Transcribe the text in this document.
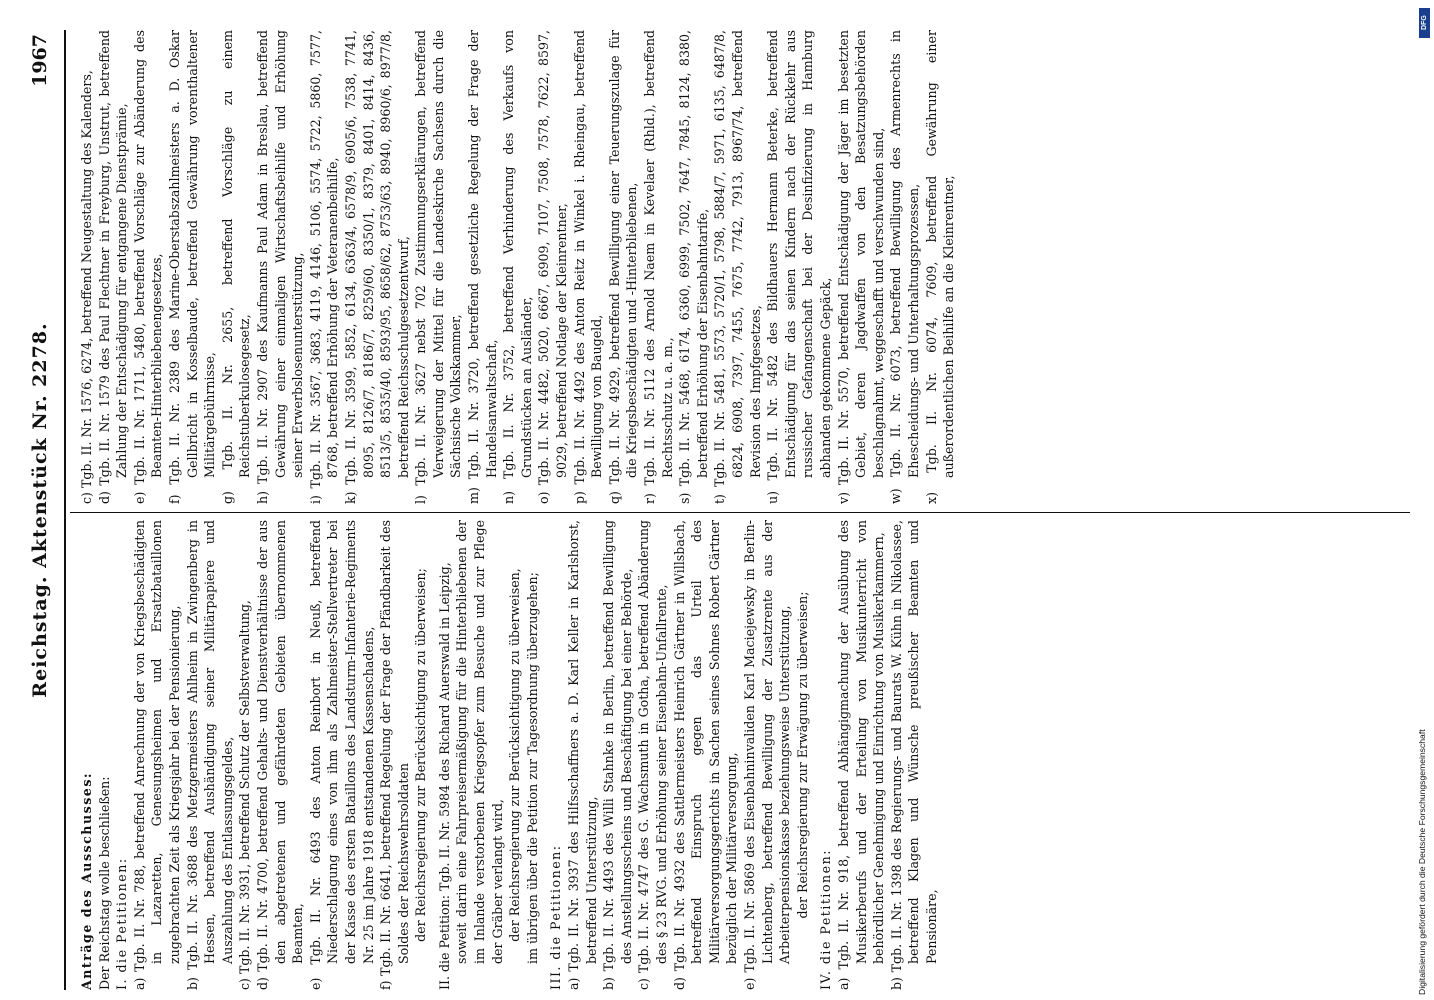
Reichstag. Aktenstück Nr. 2278.
1967

Anträge des Ausschusses: Der Reichstag wolle beschließen: I. die Petitionen: a) Tgb. II. Nr. 788, betreffend Anrechnung der von Kriegsbeschädigten in Lazaretten, Genesungsheimen und Ersatzbataillonen zugebrachten Zeit als Kriegsjahr bei der Pensionierung, b) Tgb. II. Nr. 3688 des Metzgermeisters Ahlheim in Zwingenberg in Hessen, betreffend Aushändigung seiner Militärpapiere und Auszahlung des Entlassungsgeldes, c) Tgb. II. Nr. 3931, betreffend Schutz der Selbstverwaltung, d) Tgb. II. Nr. 4700, betreffend Gehalts- und Dienstverhältnisse der aus den abgetretenen und gefährdeten Gebieten übernommenen Beamten, e) Tgb. II. Nr. 6493 des Anton Reinbort in Neuß, betreffend Niederschlagung eines von ihm als Zahlmeister-Stellvertreter bei der Kasse des ersten Bataillons des Landsturm-Infanterie-Regiments Nr. 25 im Jahre 1918 entstandenen Kassenschadens, f) Tgb. II. Nr. 6641, betreffend Regelung der Frage der Pfändbarkeit des Soldes der Reichswehrsoldaten der Reichsregierung zur Berücksichtigung zu überweisen; II. die Petition: Tgb. II. Nr. 5984 des Richard Auerswald in Leipzig, soweit darin eine Fahrpreisermäßigung für die Hinterbliebenen der im Inlande verstorbenen Kriegsopfer zum Besuche und zur Pflege der Gräber verlangt wird, der Reichsregierung zur Berücksichtigung zu überweisen, im übrigen über die Petition zur Tagesordnung überzugehen; III. die Petitionen: a) Tgb. II. Nr. 3937 des Hilfsschaffners a. D. Karl Keller in Karlshorst, betreffend Unterstützung, b) Tgb. II. Nr. 4493 des Willi Stahnke in Berlin, betreffend Bewilligung des Anstellungsscheins und Beschäftigung bei einer Behörde, c) Tgb. II. Nr. 4747 des G. Wachsmuth in Gotha, betreffend Abänderung des § 23 RVG. und Erhöhung seiner Eisenbahn-Unfallrente, d) Tgb. II. Nr. 4932 des Sattlermeisters Heinrich Gärtner in Willsbach, betreffend Einspruch gegen das Urteil des Militärversorgungsgerichts in Sachen seines Sohnes Robert Gärtner bezüglich der Militärversorgung, e) Tgb. II. Nr. 5869 des Eisenbahninvaliden Karl Maciejewsky in Berlin-Lichtenberg, betreffend Bewilligung der Zusatzrente aus der Arbeiterpensionskasse beziehungsweise Unterstützung, der Reichsregierung zur Erwägung zu überweisen;

IV. die Petitionen: a) Tgb. II. Nr. 918, betreffend Abhängigmachung der Ausübung des Musikerberufs und der Erteilung von Musikunterricht von behördlicher Genehmigung und Einrichtung von Musikerkammern, b) Tgb. II. Nr. 1398 des Regierungs- und Baurats W. Kühn in Nikolassee, betreffend Klagen und Wünsche preußischer Beamten und Pensionäre,

c) Tgb. II. Nr. 1576, 6274, betreffend Neugestaltung des Kalenders, d) Tgb. II. Nr. 1579 des Paul Flechtner in Freyburg, Unstrut, betreffend Zahlung der Entschädigung für entgangene Dienstprämie, e) Tgb. II. Nr. 1711, 5480, betreffend Vorschläge zur Abänderung des Beamten-Hinterbliebenengesetzes, f) Tgb. II. Nr. 2389 des Marine-Oberstabszahlmeisters a. D. Oskar Gellbricht in Kosselbaude, betreffend Gewährung vorenthaltener Militärgebührnisse, g) Tgb. II. Nr. 2655, betreffend Vorschläge zu einem Reichstuberkulosegesetz, h) Tgb. II. Nr. 2907 des Kaufmanns Paul Adam in Breslau, betreffend Gewährung einer einmaligen Wirtschaftsbeihilfe und Erhöhung seiner Erwerbslosenunterstützung, i) Tgb. II. Nr. 3567, 3683, 4119, 4146, 5106, 5574, 5722, 5860, 7577, 8768, betreffend Erhöhung der Veteranenbeihilfe, k) Tgb. II. Nr. 3599, 5852, 6134, 6363/4, 6578/9, 6905/6, 7538, 7741, 8095, 8126/7, 8186/7, 8259/60, 8350/1, 8379, 8401, 8414, 8436, 8513/5, 8535/40, 8593/95, 8658/62, 8753/63, 8940, 8960/6, 8977/8, betreffend Reichsschulgesetzentwurf, l) Tgb. II. Nr. 3627 nebst 702 Zustimmungserklärungen, betreffend Verweigerung der Mittel für die Landeskirche Sachsens durch die Sächsische Volkskammer, m) Tgb. II. Nr. 3720, betreffend gesetzliche Regelung der Frage der Handelsanwaltschaft, n) Tgb. II. Nr. 3752, betreffend Verhinderung des Verkaufs von Grundstücken an Ausländer, o) Tgb. II. Nr. 4482, 5020, 6667, 6909, 7107, 7508, 7578, 7622, 8597, 9029, betreffend Notlage der Kleinrentner, p) Tgb. II. Nr. 4492 des Anton Reitz in Winkel i. Rheingau, betreffend Bewilligung von Baugeld, q) Tgb. II. Nr. 4929, betreffend Bewilligung einer Teuerungszulage für die Kriegsbeschädigten und -Hinterbliebenen, r) Tgb. II. Nr. 5112 des Arnold Naem in Kevelaer (Rhld.), betreffend Rechtsschutz u. a. m., s) Tgb. II. Nr. 5468, 6174, 6360, 6999, 7502, 7647, 7845, 8124, 8380, betreffend Erhöhung der Eisenbahntarife, t) Tgb. II. Nr. 5481, 5573, 5720/1, 5798, 5884/7, 5971, 6135, 6487/8, 6824, 6908, 7397, 7455, 7675, 7742, 7913, 8967/74, betreffend Revision des Impfgesetzes, u) Tgb. II. Nr. 5482 des Bildhauers Hermann Beterke, betreffend Entschädigung für das seinen Kindern nach der Rückkehr aus russischer Gefangenschaft bei der Desinfizierung in Hamburg abhanden gekommene Gepäck, v) Tgb. II. Nr. 5570, betreffend Entschädigung der Jäger im besetzten Gebiet, deren Jagdwaffen von den Besatzungsbehörden beschlagnahmt, weggeschafft und verschwunden sind, w) Tgb. II. Nr. 6073, betreffend Bewilligung des Armenrechts in Ehescheidungs- und Unterhaltungsprozessen, x) Tgb. II. Nr. 6074, 7609, betreffend Gewährung einer außerordentlichen Beihilfe an die Kleinrentner,

DFG
Digitalisierung gefördert durch die Deutsche Forschungsgemeinschaft
